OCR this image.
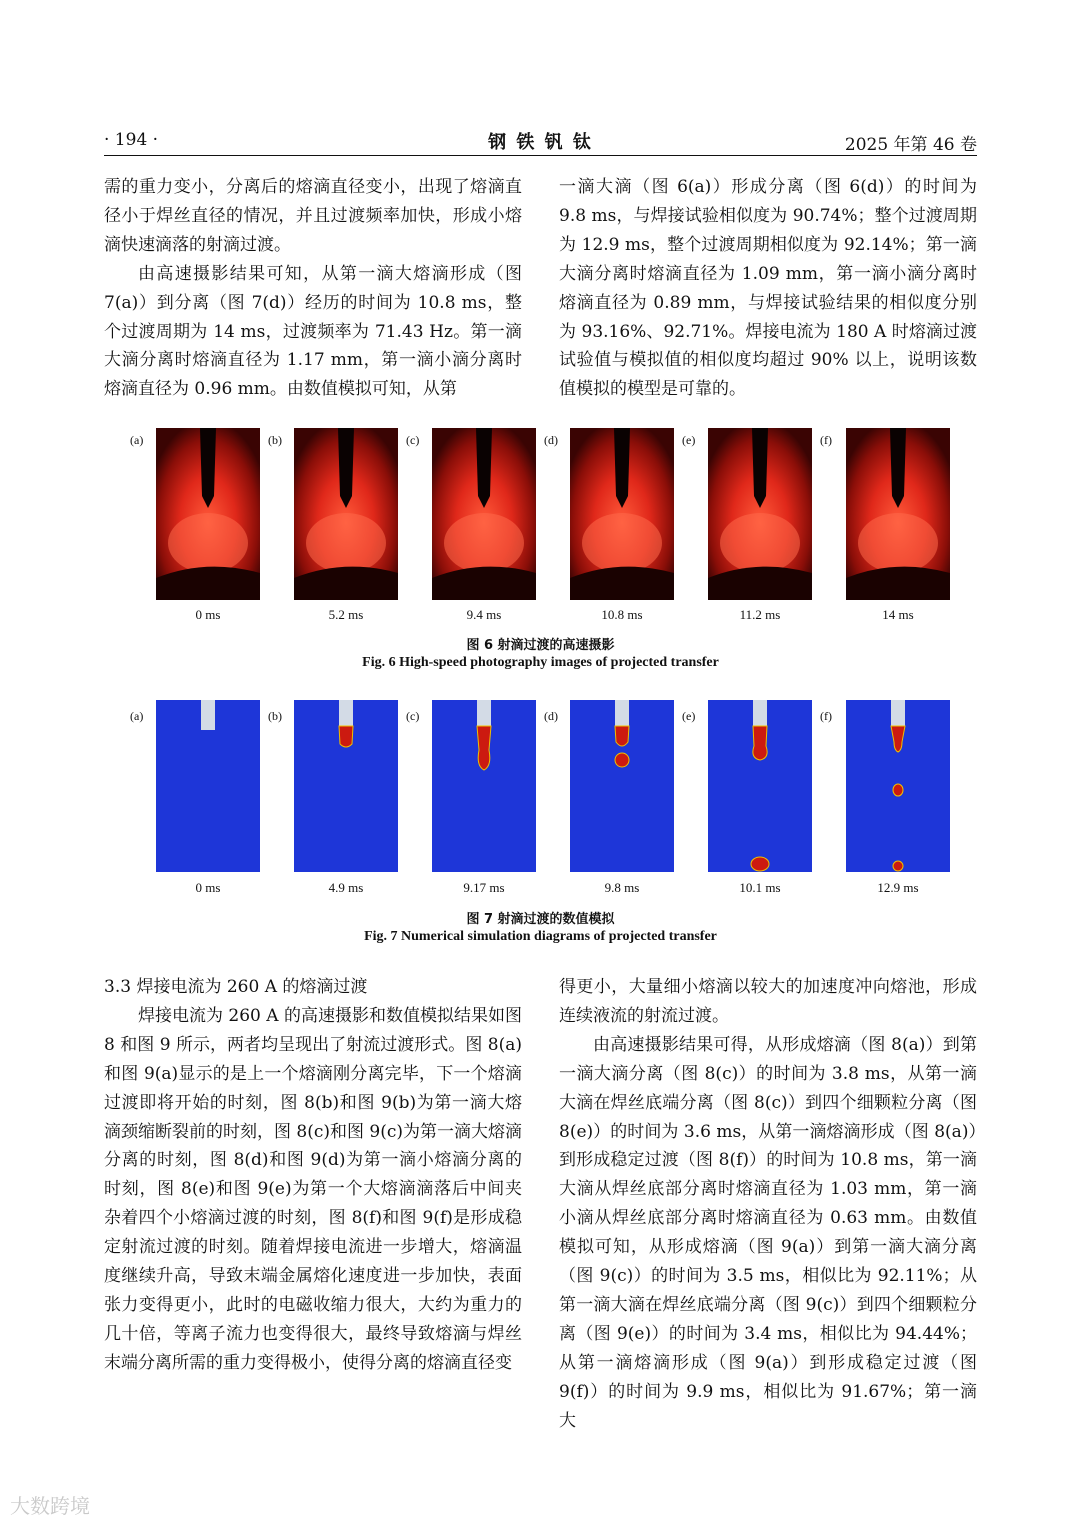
· 194 ·	钢 铁 钒 钛	2025 年第 46 卷

需的重力变小，分离后的熔滴直径变小，出现了熔滴直径小于焊丝直径的情况，并且过渡频率加快，形成小熔滴快速滴落的射滴过渡。

由高速摄影结果可知，从第一滴大熔滴形成（图 7(a)）到分离（图 7(d)）经历的时间为 10.8 ms，整个过渡周期为 14 ms，过渡频率为 71.43 Hz。第一滴大滴分离时熔滴直径为 1.17 mm，第一滴小滴分离时熔滴直径为 0.96 mm。由数值模拟可知，从第

一滴大滴（图 6(a)）形成分离（图 6(d)）的时间为 9.8 ms，与焊接试验相似度为 90.74%；整个过渡周期为 12.9 ms，整个过渡周期相似度为 92.14%；第一滴大滴分离时熔滴直径为 1.09 mm，第一滴小滴分离时熔滴直径为 0.89 mm，与焊接试验结果的相似度分别为 93.16%、92.71%。焊接电流为 180 A 时熔滴过渡试验值与模拟值的相似度均超过 90% 以上，说明该数值模拟的模型是可靠的。

(a)
0 ms
(b)
5.2 ms
(c)
9.4 ms
(d)
10.8 ms
(e)
11.2 ms
(f)
14 ms
图 6 射滴过渡的高速摄影
Fig. 6 High-speed photography images of projected transfer
(a)
0 ms
(b)
4.9 ms
(c)
9.17 ms
(d)
9.8 ms
(e)
10.1 ms
(f)
12.9 ms
图 7 射滴过渡的数值模拟
Fig. 7 Numerical simulation diagrams of projected transfer

3.3 焊接电流为 260 A 的熔滴过渡

焊接电流为 260 A 的高速摄影和数值模拟结果如图 8 和图 9 所示，两者均呈现出了射流过渡形式。图 8(a)和图 9(a)显示的是上一个熔滴刚分离完毕，下一个熔滴过渡即将开始的时刻，图 8(b)和图 9(b)为第一滴大熔滴颈缩断裂前的时刻，图 8(c)和图 9(c)为第一滴大熔滴分离的时刻，图 8(d)和图 9(d)为第一滴小熔滴分离的时刻，图 8(e)和图 9(e)为第一个大熔滴滴落后中间夹杂着四个小熔滴过渡的时刻，图 8(f)和图 9(f)是形成稳定射流过渡的时刻。随着焊接电流进一步增大，熔滴温度继续升高，导致末端金属熔化速度进一步加快，表面张力变得更小，此时的电磁收缩力很大，大约为重力的几十倍，等离子流力也变得很大，最终导致熔滴与焊丝末端分离所需的重力变得极小，使得分离的熔滴直径变

得更小，大量细小熔滴以较大的加速度冲向熔池，形成连续液流的射流过渡。

由高速摄影结果可得，从形成熔滴（图 8(a)）到第一滴大滴分离（图 8(c)）的时间为 3.8 ms，从第一滴大滴在焊丝底端分离（图 8(c)）到四个细颗粒分离（图 8(e)）的时间为 3.6 ms，从第一滴熔滴形成（图 8(a)）到形成稳定过渡（图 8(f)）的时间为 10.8 ms，第一滴大滴从焊丝底部分离时熔滴直径为 1.03 mm，第一滴小滴从焊丝底部分离时熔滴直径为 0.63 mm。由数值模拟可知，从形成熔滴（图 9(a)）到第一滴大滴分离（图 9(c)）的时间为 3.5 ms，相似比为 92.11%；从第一滴大滴在焊丝底端分离（图 9(c)）到四个细颗粒分离（图 9(e)）的时间为 3.4 ms，相似比为 94.44%；从第一滴熔滴形成（图 9(a)）到形成稳定过渡（图 9(f)）的时间为 9.9 ms，相似比为 91.67%；第一滴大

大数跨境
